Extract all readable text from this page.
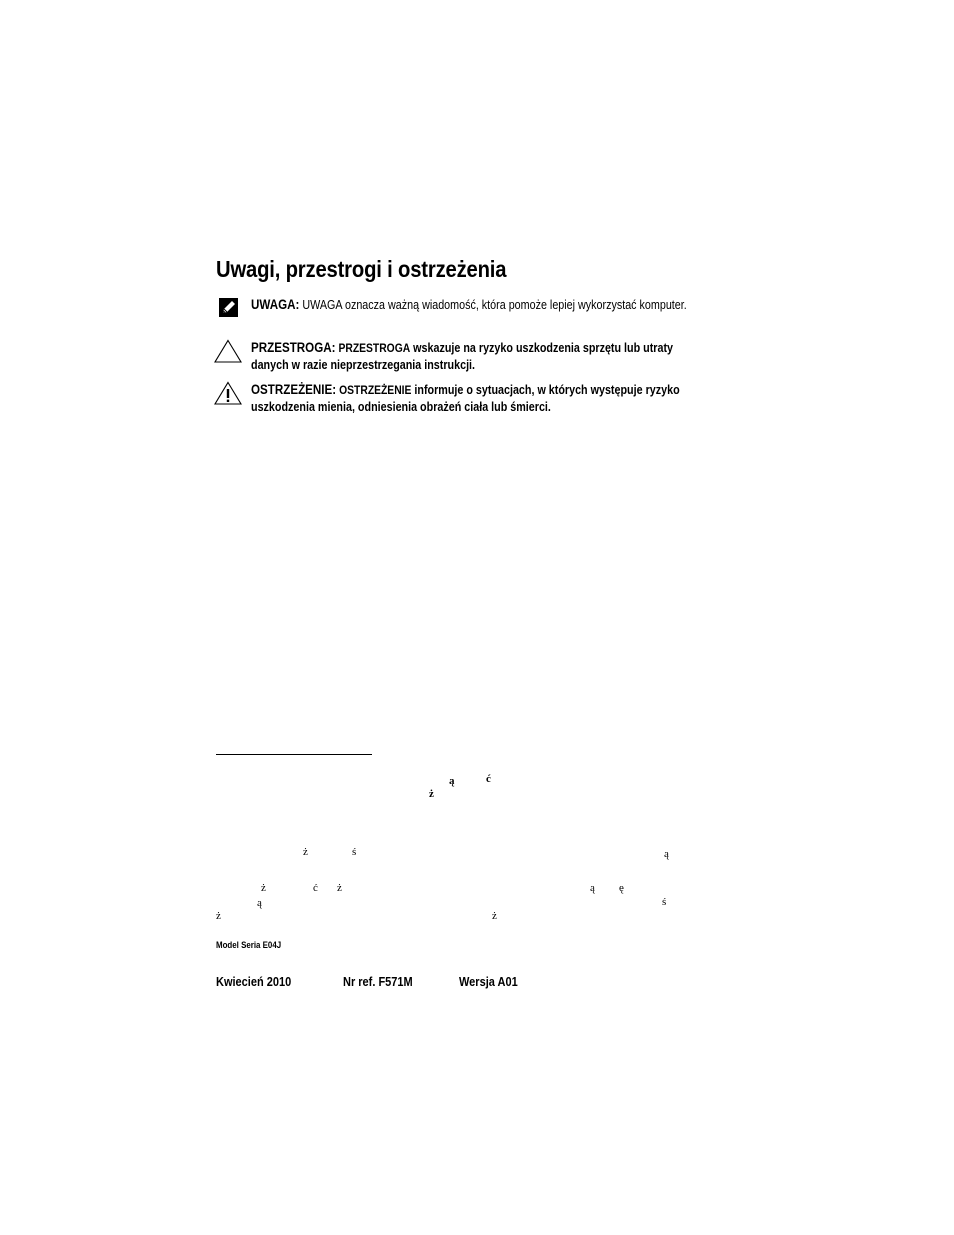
Uwagi, przestrogi i ostrzeżenia
UWAGA: UWAGA oznacza ważną wiadomość, która pomoże lepiej wykorzystać komputer.
PRZESTROGA: PRZESTROGA wskazuje na ryzyko uszkodzenia sprzętu lub utraty danych w razie nieprzestrzegania instrukcji.
OSTRZEŻENIE: OSTRZEŻENIE informuje o sytuacjach, w których występuje ryzyko uszkodzenia mienia, odniesienia obrażeń ciała lub śmierci.
ą	ć
ż
ż	ś	ą
ż	ć ż	ą ę
ą	ś
ż	ż
Model Seria E04J
Kwiecień 2010	Nr ref. F571M	Wersja A01
